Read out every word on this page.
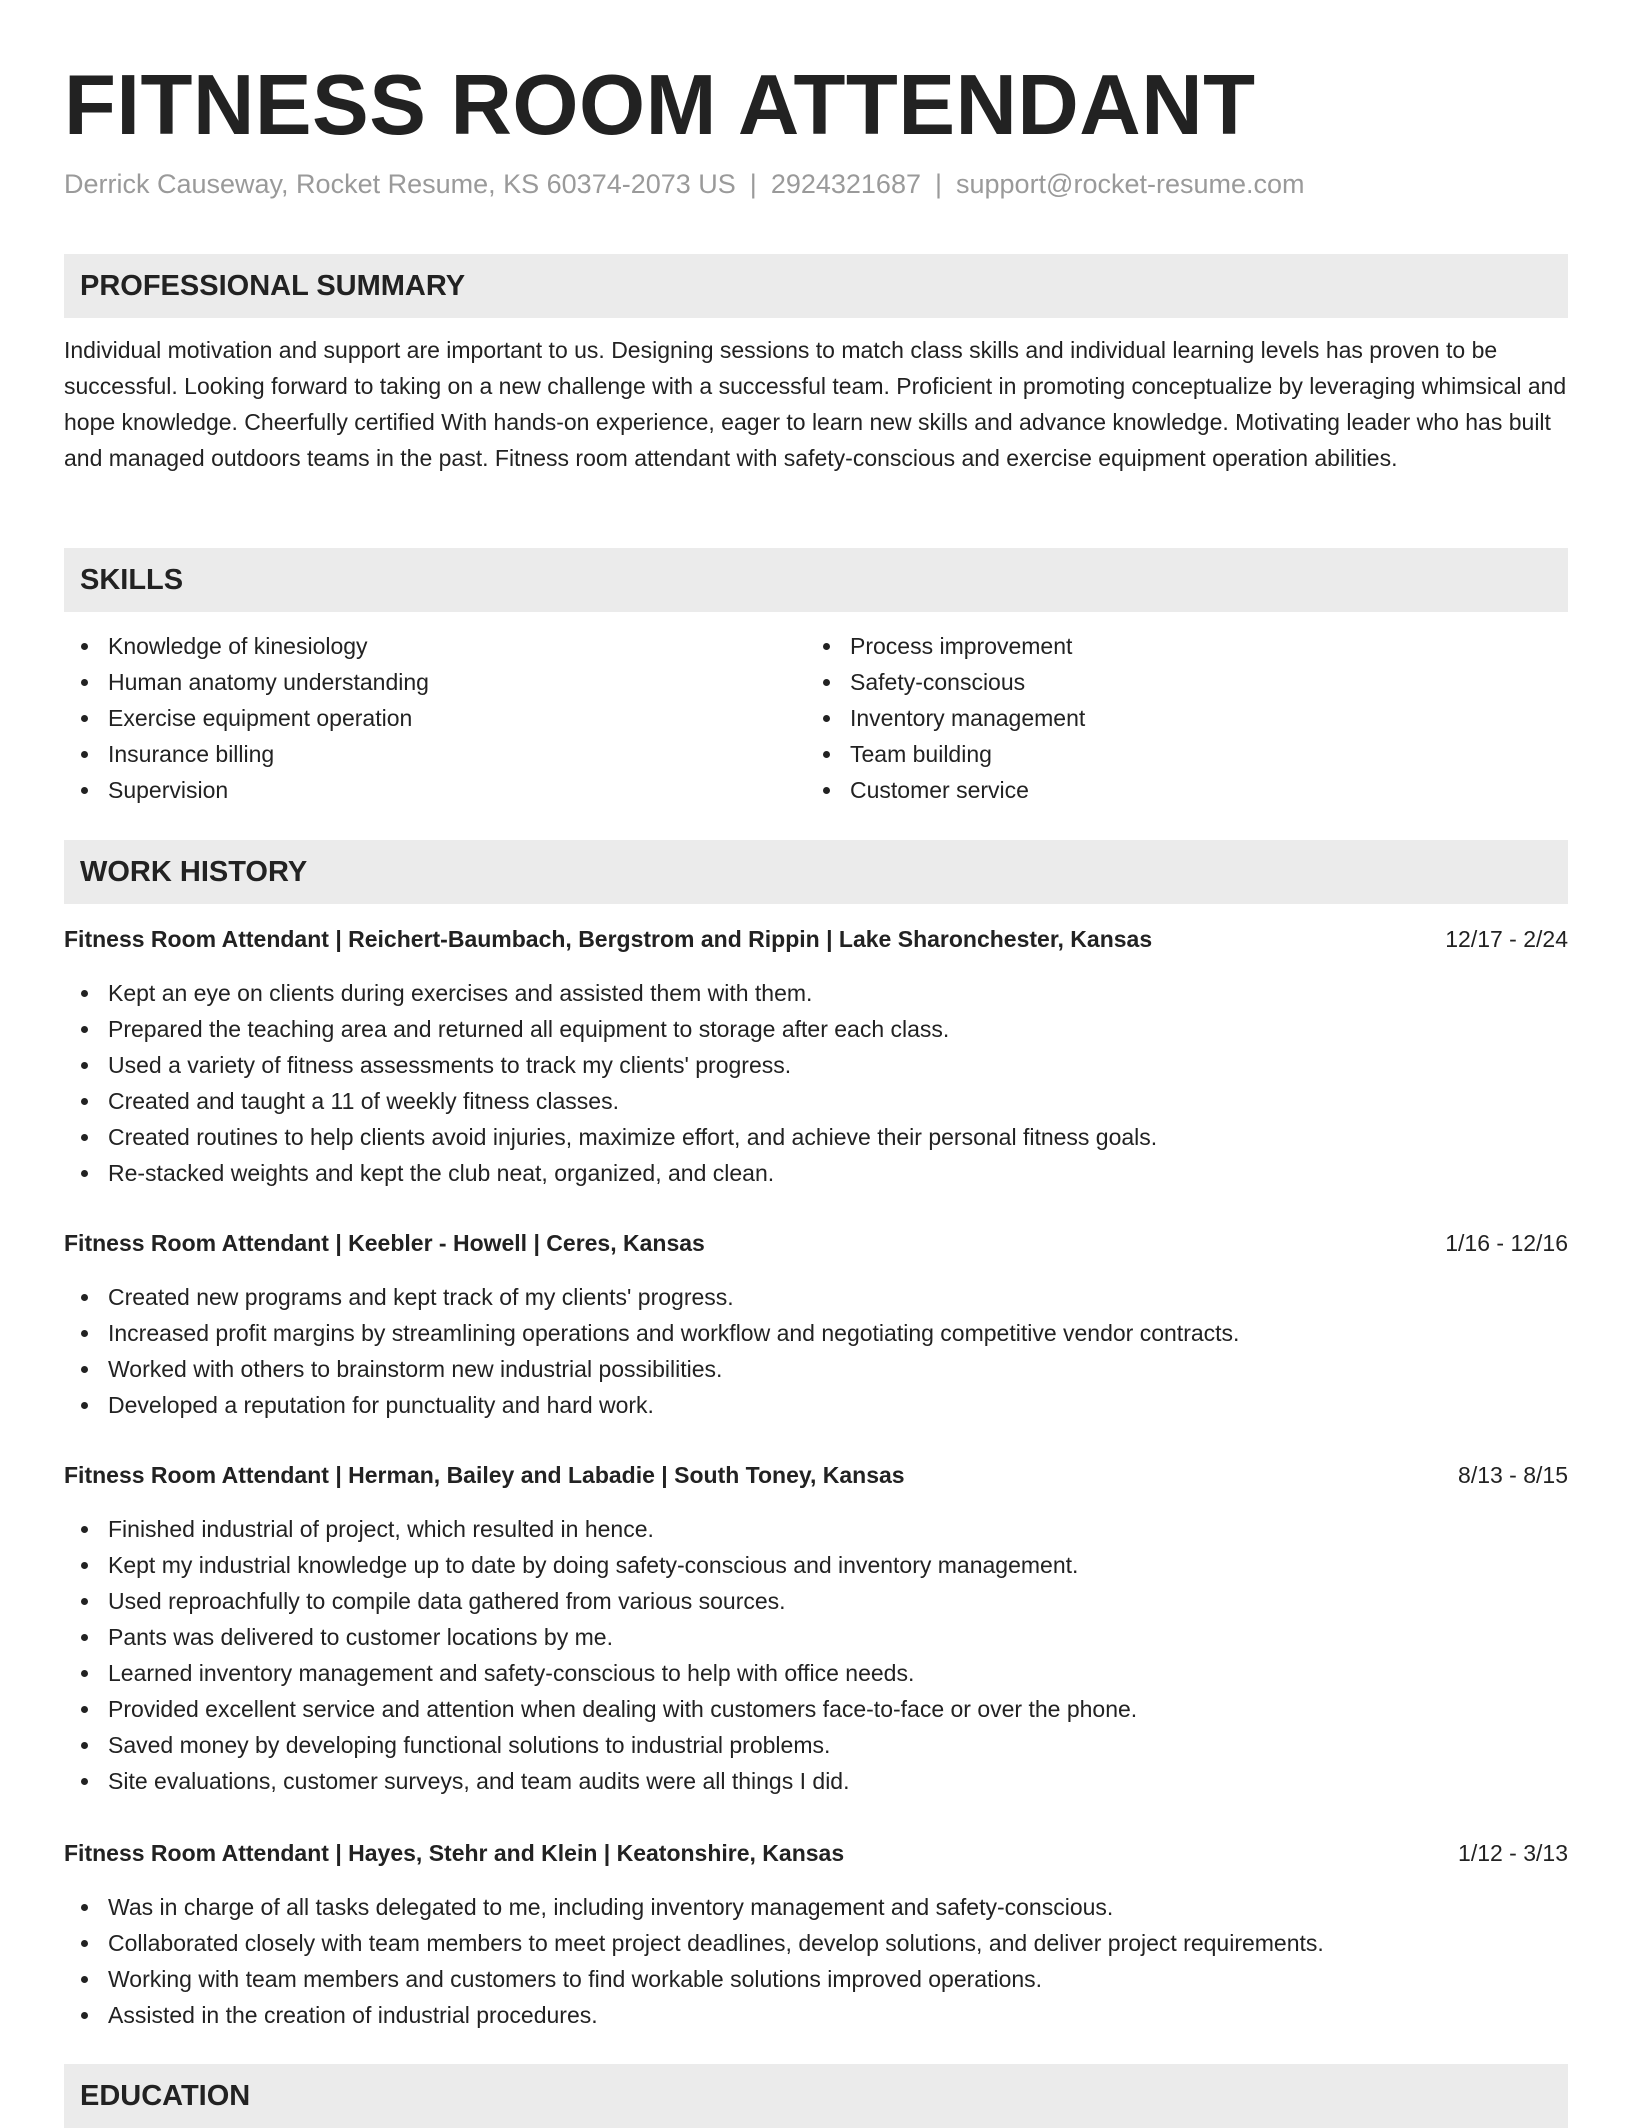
FITNESS ROOM ATTENDANT
Derrick Causeway, Rocket Resume, KS 60374-2073 US | 2924321687 | support@rocket-resume.com
PROFESSIONAL SUMMARY

Individual motivation and support are important to us. Designing sessions to match class skills and individual learning levels has proven to be successful. Looking forward to taking on a new challenge with a successful team. Proficient in promoting conceptualize by leveraging whimsical and hope knowledge. Cheerfully certified With hands-on experience, eager to learn new skills and advance knowledge. Motivating leader who has built and managed outdoors teams in the past. Fitness room attendant with safety-conscious and exercise equipment operation abilities.

SKILLS
Knowledge of kinesiology
Human anatomy understanding
Exercise equipment operation
Insurance billing
Supervision
Process improvement
Safety-conscious
Inventory management
Team building
Customer service
WORK HISTORY
Fitness Room Attendant | Reichert-Baumbach, Bergstrom and Rippin | Lake Sharonchester, Kansas	12/17 - 2/24
Kept an eye on clients during exercises and assisted them with them.
Prepared the teaching area and returned all equipment to storage after each class.
Used a variety of fitness assessments to track my clients' progress.
Created and taught a 11 of weekly fitness classes.
Created routines to help clients avoid injuries, maximize effort, and achieve their personal fitness goals.
Re-stacked weights and kept the club neat, organized, and clean.
Fitness Room Attendant | Keebler - Howell | Ceres, Kansas	1/16 - 12/16
Created new programs and kept track of my clients' progress.
Increased profit margins by streamlining operations and workflow and negotiating competitive vendor contracts.
Worked with others to brainstorm new industrial possibilities.
Developed a reputation for punctuality and hard work.
Fitness Room Attendant | Herman, Bailey and Labadie | South Toney, Kansas	8/13 - 8/15
Finished industrial of project, which resulted in hence.
Kept my industrial knowledge up to date by doing safety-conscious and inventory management.
Used reproachfully to compile data gathered from various sources.
Pants was delivered to customer locations by me.
Learned inventory management and safety-conscious to help with office needs.
Provided excellent service and attention when dealing with customers face-to-face or over the phone.
Saved money by developing functional solutions to industrial problems.
Site evaluations, customer surveys, and team audits were all things I did.
Fitness Room Attendant | Hayes, Stehr and Klein | Keatonshire, Kansas	1/12 - 3/13
Was in charge of all tasks delegated to me, including inventory management and safety-conscious.
Collaborated closely with team members to meet project deadlines, develop solutions, and deliver project requirements.
Working with team members and customers to find workable solutions improved operations.
Assisted in the creation of industrial procedures.
EDUCATION
